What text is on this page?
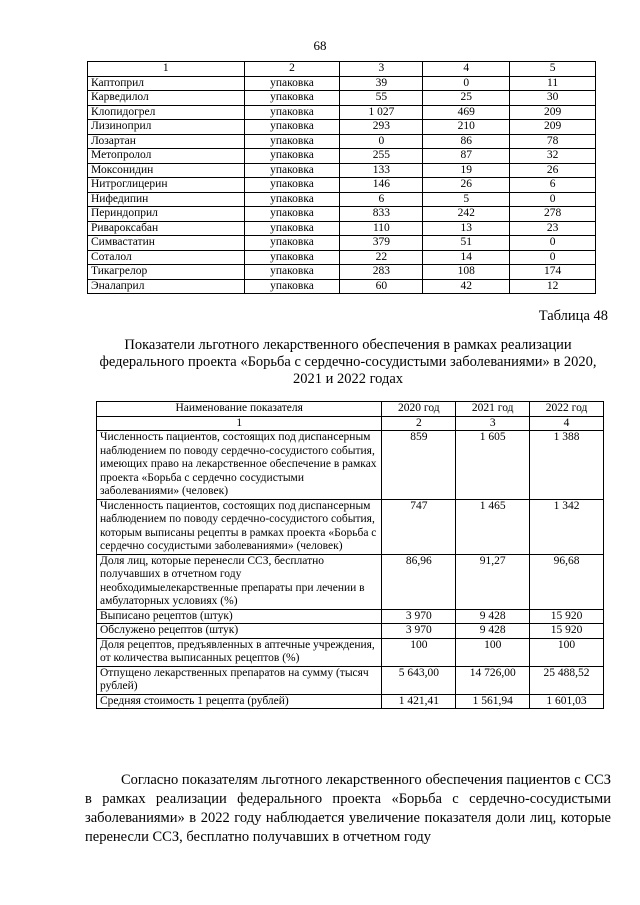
68
1	2	3	4	5
Каптоприл	упаковка	39	0	11
Карведилол	упаковка	55	25	30
Клопидогрел	упаковка	1 027	469	209
Лизиноприл	упаковка	293	210	209
Лозартан	упаковка	0	86	78
Метопролол	упаковка	255	87	32
Моксонидин	упаковка	133	19	26
Нитроглицерин	упаковка	146	26	6
Нифедипин	упаковка	6	5	0
Периндоприл	упаковка	833	242	278
Ривароксабан	упаковка	110	13	23
Симвастатин	упаковка	379	51	0
Соталол	упаковка	22	14	0
Тикагрелор	упаковка	283	108	174
Эналаприл	упаковка	60	42	12
Таблица 48
Показатели льготного лекарственного обеспечения в рамках реализации федерального проекта «Борьба с сердечно-сосудистыми заболеваниями» в 2020, 2021 и 2022 годах
Наименование показателя	2020 год	2021 год	2022 год
1	2	3	4
Численность пациентов, состоящих под диспансерным наблюдением по поводу сердечно-сосудистого события, имеющих право на лекарственное обеспечение в рамках проекта «Борьба с сердечно сосудистыми заболеваниями» (человек)	859	1 605	1 388
Численность пациентов, состоящих под диспансерным наблюдением по поводу сердечно-сосудистого события, которым выписаны рецепты в рамках проекта «Борьба с сердечно сосудистыми заболеваниями» (человек)	747	1 465	1 342
Доля лиц, которые перенесли ССЗ, бесплатно получавших в отчетном году необходимыелекарственные препараты при лечении в амбулаторных условиях (%)	86,96	91,27	96,68
Выписано рецептов (штук)	3 970	9 428	15 920
Обслужено рецептов (штук)	3 970	9 428	15 920
Доля рецептов, предъявленных в аптечные учреждения, от количества выписанных рецептов (%)	100	100	100
Отпущено лекарственных препаратов на сумму (тысяч рублей)	5 643,00	14 726,00	25 488,52
Средняя стоимость 1 рецепта (рублей)	1 421,41	1 561,94	1 601,03
Согласно показателям льготного лекарственного обеспечения пациентов с ССЗ в рамках реализации федерального проекта «Борьба с сердечно-сосудистыми заболеваниями» в 2022 году наблюдается увеличение показателя доли лиц, которые перенесли ССЗ, бесплатно получавших в отчетном году
